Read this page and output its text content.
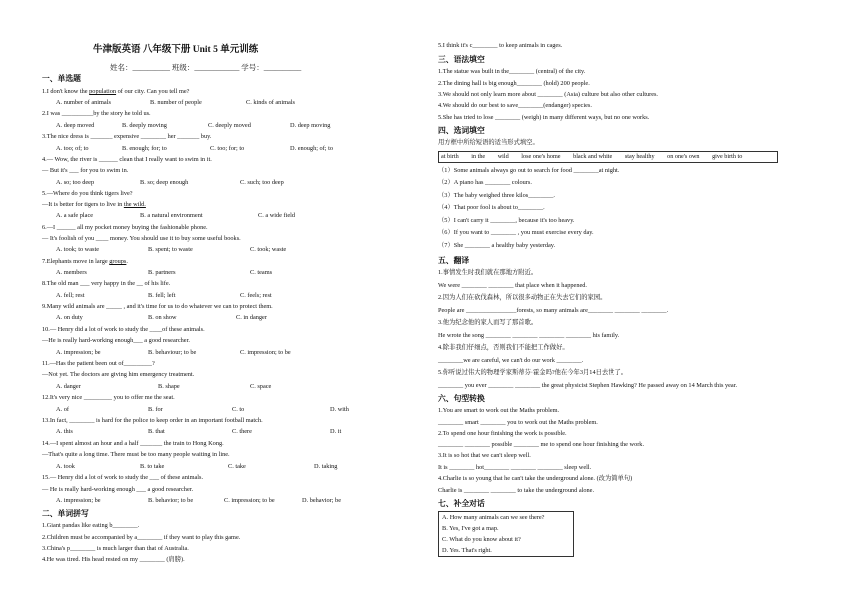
牛津版英语 八年级下册 Unit 5 单元训练
姓名：__________ 班级：____________ 学号：__________
一、单选题
1.I don't know the population of our city. Can you tell me?
A. number of animals	B. number of people	C. kinds of animals
2.I was __________by the story he told us.
A. deep moved	B. deeply moving	C. deeply moved	D. deep moving
3.The nice dress is _______ expensive ________ her _______ buy.
A. too; of; to	B. enough; for; to	C. too; for; to	D. enough; of; to
4.— Wow, the river is ______ clean that I really want to swim in it.
— But it's ___ for you to swim in.
A. so; too deep	B. so; deep enough	C. such; too deep
5.—Where do you think tigers live?
—It is better for tigers to live in the wild.
A. a safe place	B. a natural environment	C. a wide field
6.—I ______ all my pocket money buying the fashionable phone.
— It's foolish of you ____ money. You should use it to buy some useful books.
A. took; to waste	B. spent; to waste	C. took; waste
7.Elephants move in large groups.
A. members	B. partners	C. teams
8.The old man ___ very happy in the __ of his life.
A. fell; rest	B. fell; left	C. feels; rest
9.Many wild animals are _____ , and it's time for us to do whatever we can to protect them.
A. on duty	B. on show	C. in danger
10.— Henry did a lot of work to study the ____of these animals.
—He is really hard-working enough___ a good researcher.
A. impression; be	B. behaviour; to be	C. impression; to be
11.—Has the patient been out of_________?
—Not yet. The doctors are giving him emergency treatment.
A. danger	B. shape	C. space
12.It's very nice _________ you to offer me the seat.
A. of	B. for	C. to	D. with
13.In fact, ________ is hard for the police to keep order in an important football match.
A. this	B. that	C. there	D. it
14.—I spent almost an hour and a half _______ the train to Hong Kong.
—That's quite a long time. There must be too many people waiting in line.
A. took	B. to take	C. take	D. taking
15.— Henry did a lot of work to study the ___ of these animals.
— He is really hard-working enough ___ a good researcher.
A. impression; be	B. behavior; to be	C. impression; to be	D. behavior; be
二、单词拼写
1.Giant pandas like eating b________.
2.Children must be accompanied by a________ if they want to play this game.
3.China's p________ is much larger than that of Australia.
4.He was tired. His head rested on my ________ (肩膀).
5.I think it's c________ to keep animals in cages.
三、语法填空
1.The statue was built in the________ (central) of the city.
2.The dining hall is big enough________ (hold) 200 people.
3.We should not only learn more about ________ (Asia) culture but also other cultures.
4.We should do our best to save________(endanger) species.
5.She has tried to lose ________ (weigh) in many different ways, but no one works.
四、选词填空
用方框中所给短语的适当形式填空。
at birth in the wild lose one's home black and white stay healthy on one's own give birth to
（1）Some animals always go out to search for food ________at night.
（2）A piano has ________ colours.
（3）The baby weighed three kilos________.
（4）That poor fool is about to________.
（5）I can't carry it ________, because it's too heavy.
（6）If you want to ________ , you must exercise every day.
（7）She ________ a healthy baby yesterday.
五、翻译
1.事情发生时我们就在那地方附近。
We were ________ ________ that place when it happened.
2.因为人们在砍伐森林，所以很多动物正在失去它们的家园。
People are ________________forests, so many animals are________ ________ ________.
3.他为纪念他的家人而写了那首歌。
He wrote the song ________ ________ ________ ________ his family.
4.除非我们仔细点，否则我们不能把工作做好。
________we are careful, we can't do our work ________.
5.你听说过伟大的物理学家斯蒂芬·霍金吗?他在今年3月14日去世了。
________ you ever ________ ________ the great physicist Stephen Hawking? He passed away on 14 March this year.
六、句型转换
1.You are smart to work out the Maths problem.
________ smart ________ you to work out the Maths problem.
2.To spend one hour finishing the work is possible.
________ ________ possible ________ me to spend one hour finishing the work.
3.It is so hot that we can't sleep well.
It is ________ hot________ ________ ________ sleep well.
4.Charlie is so young that he can't take the underground alone. (改为简单句)
Charlie is ________ ________ to take the underground alone.
七、补全对话
A. How many animals can we see there?
B. Yes, I've got a map.
C. What do you know about it?
D. Yes. That's right.
